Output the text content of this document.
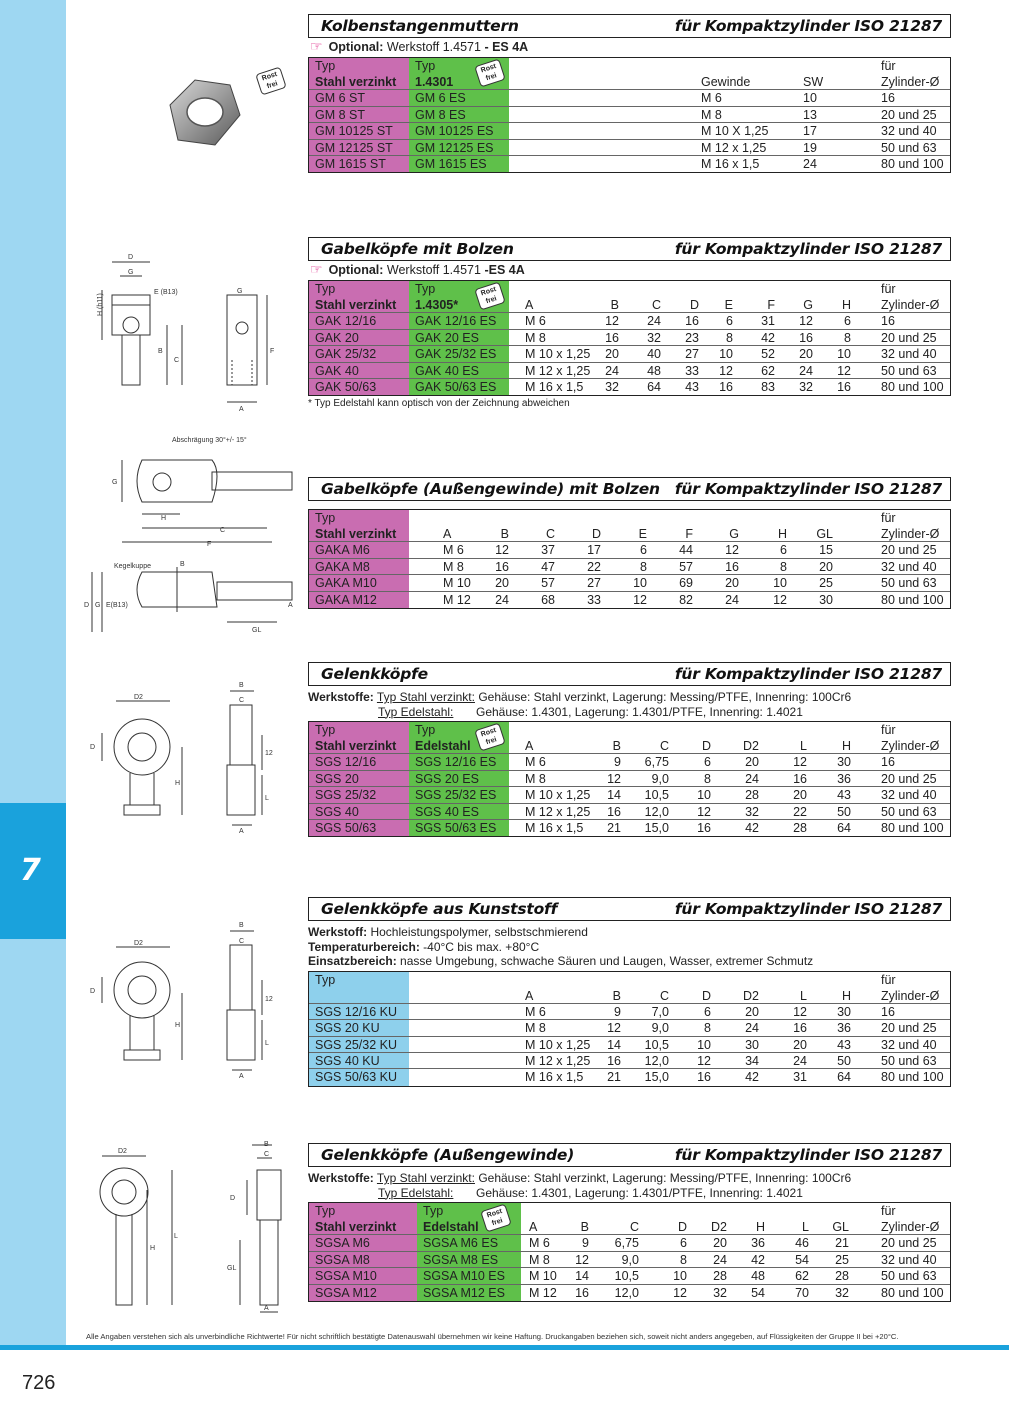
7
Alle Angaben verstehen sich als unverbindliche Richtwerte! Für nicht schriftlich bestätigte Datenauswahl übernehmen wir keine Haftung. Druckangaben beziehen sich, soweit nicht anders angegeben, auf Flüssigkeiten der Gruppe II bei +20°C.
726
Rost frei
D
G
E (B13)
H (h11)
B
C
G
F
A
Abschrägung 30°+/- 15°
Kegelkuppe
G
H
C
F
B
D G E(B13)	A
GL
D2
D
H
B
C
12
L
A
D2
D
H
B
C
12
L
A
D2
H
L
B
C
D
GL
A
Kolbenstangenmuttern	für Kompaktzylinder ISO 21287
☞ Optional:
Werkstoff 1.4571
- ES 4A
Typ	Typ	für
Stahl verzinkt	1.4301	Gewinde	SW	Zylinder-Ø
Rost frei
GM 6 ST	GM 6 ES	M 6	10	16
GM 8 ST	GM 8 ES	M 8	13	20 und 25
GM 10125 ST	GM 10125 ES	M 10 X 1,25	17	32 und 40
GM 12125 ST	GM 12125 ES	M 12 x 1,25	19	50 und 63
GM 1615 ST	GM 1615 ES	M 16 x 1,5	24	80 und 100
Gabelköpfe mit Bolzen	für Kompaktzylinder ISO 21287
☞ Optional:
Werkstoff 1.4571
-ES 4A
Typ	Typ	für
Stahl verzinkt	1.4305*	A	B	C	D	E	F	G	H	Zylinder-Ø
Rost frei
GAK 12/16	GAK 12/16 ES	M 6	12	24	16	6	31	12	6	16
GAK 20	GAK 20 ES	M 8	16	32	23	8	42	16	8	20 und 25
GAK 25/32	GAK 25/32 ES	M 10 x 1,25	20	40	27	10	52	20	10	32 und 40
GAK 40	GAK 40 ES	M 12 x 1,25	24	48	33	12	62	24	12	50 und 63
GAK 50/63	GAK 50/63 ES	M 16 x 1,5	32	64	43	16	83	32	16	80 und 100
* Typ Edelstahl kann optisch von der Zeichnung abweichen
Gabelköpfe (Außengewinde) mit Bolzen für Kompaktzylinder ISO 21287
Typ	für
Stahl verzinkt	A	B	C	D	E	F	G	H	GL	Zylinder-Ø
GAKA M6	M 6	12	37	17	6	44	12	6	15	20 und 25
GAKA M8	M 8	16	47	22	8	57	16	8	20	32 und 40
GAKA M10	M 10	20	57	27	10	69	20	10	25	50 und 63
GAKA M12	M 12	24	68	33	12	82	24	12	30	80 und 100
Gelenkköpfe	für Kompaktzylinder ISO 21287
Werkstoffe: Typ Stahl verzinkt: Gehäuse: Stahl verzinkt, Lagerung: Messing/PTFE, Innenring: 100Cr6
Typ Edelstahl: Gehäuse: 1.4301, Lagerung: 1.4301/PTFE, Innenring: 1.4021
Typ	Typ	für
Stahl verzinkt	Edelstahl	A	B	C	D	D2	L	H	Zylinder-Ø
Rost frei
SGS 12/16	SGS 12/16 ES	M 6	9	6,75	6	20	12	30	16
SGS 20	SGS 20 ES	M 8	12	9,0	8	24	16	36	20 und 25
SGS 25/32	SGS 25/32 ES	M 10 x 1,25	14	10,5	10	28	20	43	32 und 40
SGS 40	SGS 40 ES	M 12 x 1,25	16	12,0	12	32	22	50	50 und 63
SGS 50/63	SGS 50/63 ES	M 16 x 1,5	21	15,0	16	42	28	64	80 und 100
Gelenkköpfe aus Kunststoff	für Kompaktzylinder ISO 21287
Werkstoff: Hochleistungspolymer, selbstschmierend
Temperaturbereich: -40°C bis max. +80°C
Einsatzbereich: nasse Umgebung, schwache Säuren und Laugen, Wasser, extremer Schmutz
Typ	für
A	B	C	D	D2	L	H	Zylinder-Ø
SGS 12/16 KU	M 6	9	7,0	6	20	12	30	16
SGS 20 KU	M 8	12	9,0	8	24	16	36	20 und 25
SGS 25/32 KU	M 10 x 1,25	14	10,5	10	30	20	43	32 und 40
SGS 40 KU	M 12 x 1,25	16	12,0	12	34	24	50	50 und 63
SGS 50/63 KU	M 16 x 1,5	21	15,0	16	42	31	64	80 und 100
Gelenkköpfe (Außengewinde)	für Kompaktzylinder ISO 21287
Werkstoffe: Typ Stahl verzinkt: Gehäuse: Stahl verzinkt, Lagerung: Messing/PTFE, Innenring: 100Cr6
Typ Edelstahl: Gehäuse: 1.4301, Lagerung: 1.4301/PTFE, Innenring: 1.4021
Typ	Typ	für
Stahl verzinkt	Edelstahl	A	B	C	D	D2	H	L	GL	Zylinder-Ø
Rost frei
SGSA M6	SGSA M6 ES	M 6	9	6,75	6	20	36	46	21	20 und 25
SGSA M8	SGSA M8 ES	M 8	12	9,0	8	24	42	54	25	32 und 40
SGSA M10	SGSA M10 ES	M 10	14	10,5	10	28	48	62	28	50 und 63
SGSA M12	SGSA M12 ES	M 12	16	12,0	12	32	54	70	32	80 und 100
